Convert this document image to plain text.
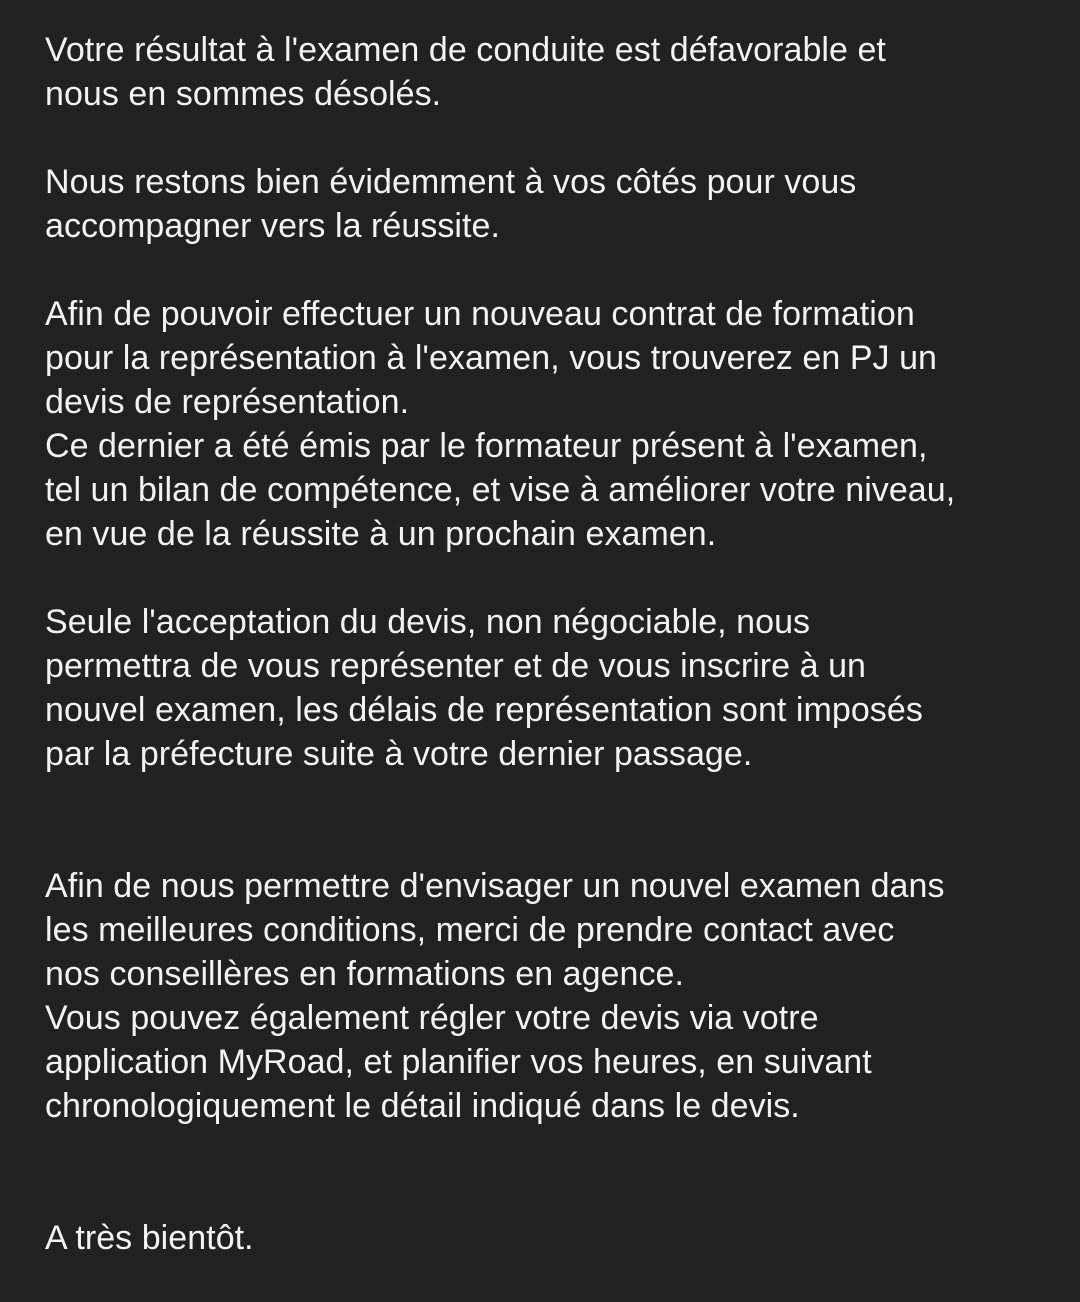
Votre résultat à l'examen de conduite est défavorable et
nous en sommes désolés.
Nous restons bien évidemment à vos côtés pour vous
accompagner vers la réussite.
Afin de pouvoir effectuer un nouveau contrat de formation
pour la représentation à l'examen, vous trouverez en PJ un
devis de représentation.
Ce dernier a été émis par le formateur présent à l'examen,
tel un bilan de compétence, et vise à améliorer votre niveau,
en vue de la réussite à un prochain examen.
Seule l'acceptation du devis, non négociable, nous
permettra de vous représenter et de vous inscrire à un
nouvel examen, les délais de représentation sont imposés
par la préfecture suite à votre dernier passage.
Afin de nous permettre d'envisager un nouvel examen dans
les meilleures conditions, merci de prendre contact avec
nos conseillères en formations en agence.
Vous pouvez également régler votre devis via votre
application MyRoad, et planifier vos heures, en suivant
chronologiquement le détail indiqué dans le devis.
A très bientôt.
